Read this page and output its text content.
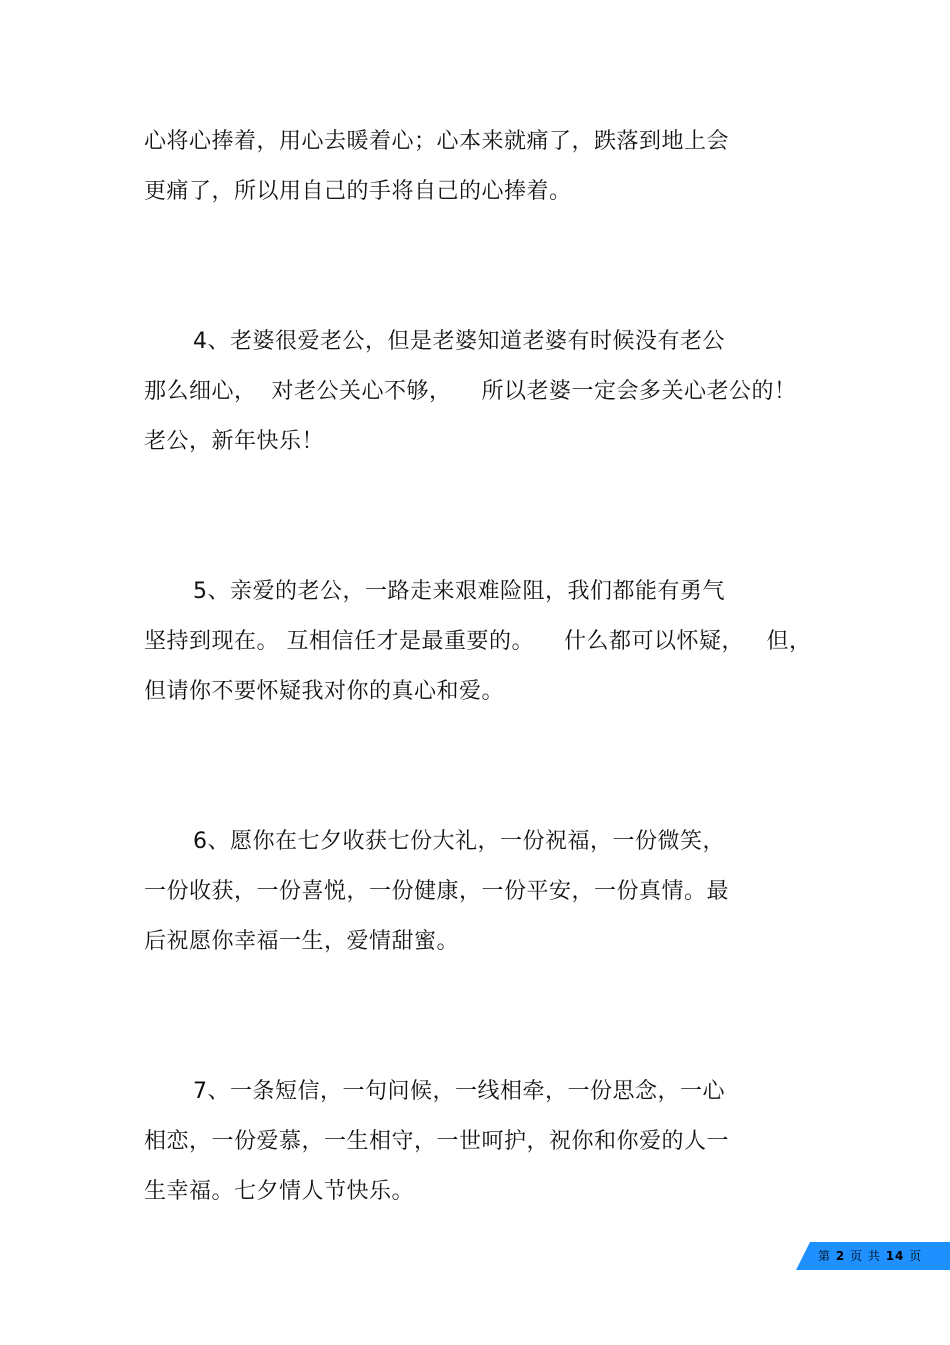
心将心捧着，用心去暖着心；心本来就痛了，跌落到地上会
更痛了，所以用自己的手将自己的心捧着。
4、老婆很爱老公，但是老婆知道老婆有时候没有老公
那么细心，  对老公关心不够，    所以老婆一定会多关心老公的！
老公，新年快乐！
5、亲爱的老公，一路走来艰难险阻，我们都能有勇气
坚持到现在。 互相信任才是最重要的。    什么都可以怀疑，   但，
但请你不要怀疑我对你的真心和爱。
6、愿你在七夕收获七份大礼，一份祝福，一份微笑，
一份收获，一份喜悦，一份健康，一份平安，一份真情。最
后祝愿你幸福一生，爱情甜蜜。
7、一条短信，一句问候，一线相牵，一份思念，一心
相恋，一份爱慕，一生相守，一世呵护，祝你和你爱的人一
生幸福。七夕情人节快乐。
第 2 页 共 14 页
